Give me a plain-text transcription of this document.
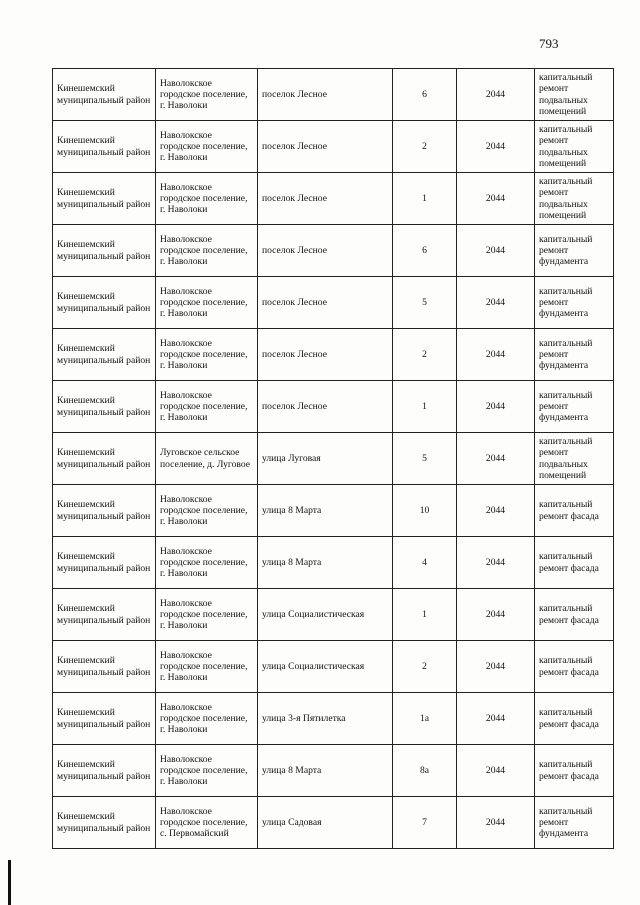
793
Кинешемский муниципальный район	Наволокское городское поселение, г. Наволоки	поселок Лесное	6	2044	капитальный ремонт подвальных помещений
Кинешемский муниципальный район	Наволокское городское поселение, г. Наволоки	поселок Лесное	2	2044	капитальный ремонт подвальных помещений
Кинешемский муниципальный район	Наволокское городское поселение, г. Наволоки	поселок Лесное	1	2044	капитальный ремонт подвальных помещений
Кинешемский муниципальный район	Наволокское городское поселение, г. Наволоки	поселок Лесное	6	2044	капитальный ремонт фундамента
Кинешемский муниципальный район	Наволокское городское поселение, г. Наволоки	поселок Лесное	5	2044	капитальный ремонт фундамента
Кинешемский муниципальный район	Наволокское городское поселение, г. Наволоки	поселок Лесное	2	2044	капитальный ремонт фундамента
Кинешемский муниципальный район	Наволокское городское поселение, г. Наволоки	поселок Лесное	1	2044	капитальный ремонт фундамента
Кинешемский муниципальный район	Луговское сельское поселение, д. Луговое	улица Луговая	5	2044	капитальный ремонт подвальных помещений
Кинешемский муниципальный район	Наволокское городское поселение, г. Наволоки	улица 8 Марта	10	2044	капитальный ремонт фасада
Кинешемский муниципальный район	Наволокское городское поселение, г. Наволоки	улица 8 Марта	4	2044	капитальный ремонт фасада
Кинешемский муниципальный район	Наволокское городское поселение, г. Наволоки	улица Социалистическая	1	2044	капитальный ремонт фасада
Кинешемский муниципальный район	Наволокское городское поселение, г. Наволоки	улица Социалистическая	2	2044	капитальный ремонт фасада
Кинешемский муниципальный район	Наволокское городское поселение, г. Наволоки	улица 3-я Пятилетка	1а	2044	капитальный ремонт фасада
Кинешемский муниципальный район	Наволокское городское поселение, г. Наволоки	улица 8 Марта	8а	2044	капитальный ремонт фасада
Кинешемский муниципальный район	Наволокское городское поселение, с. Первомайский	улица Садовая	7	2044	капитальный ремонт фундамента
